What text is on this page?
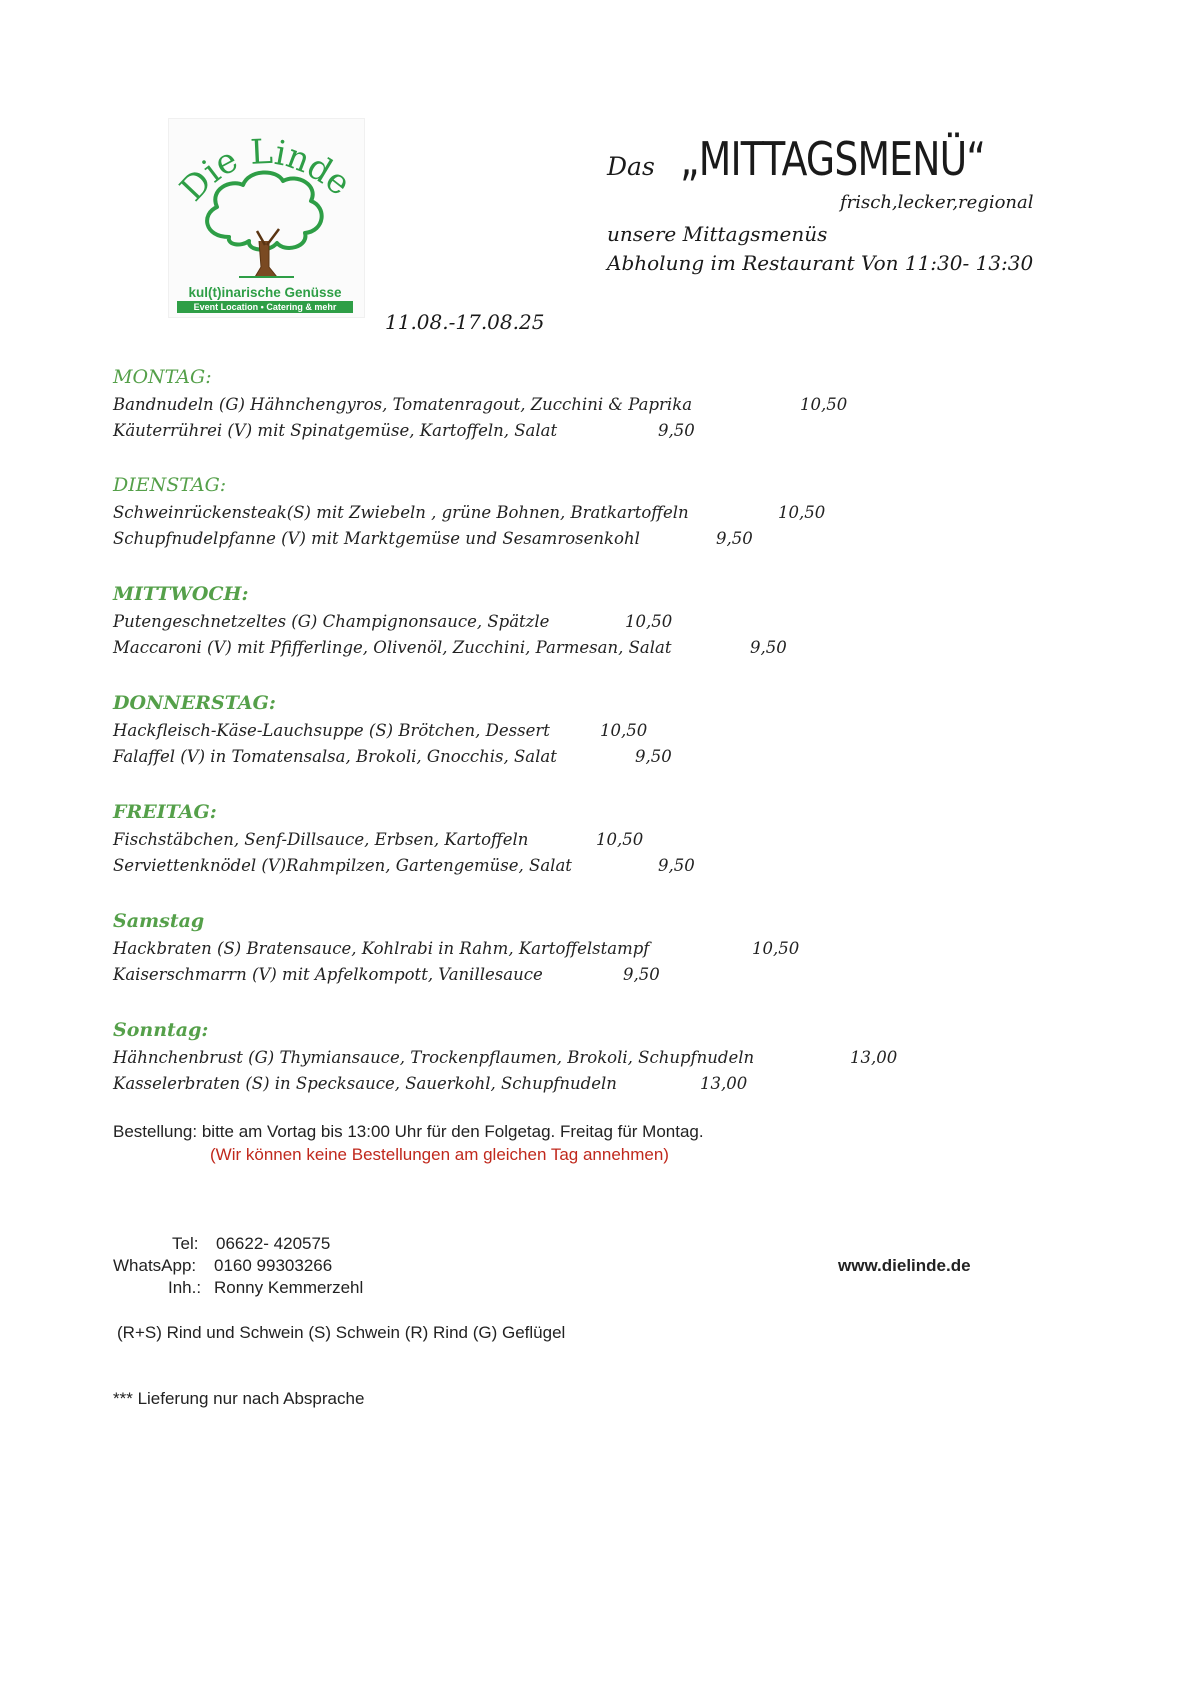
Die Linde
kul(t)inarische Genüsse
Event Location • Catering & mehr
Das „MITTAGSMENÜ“
frisch,lecker,regional
unsere Mittagsmenüs
Abholung im Restaurant Von 11:30- 13:30
11.08.-17.08.25
MONTAG:
Bandnudeln (G) Hähnchengyros, Tomatenragout, Zucchini & Paprika	10,50
Käuterrührei (V) mit Spinatgemüse, Kartoffeln, Salat	9,50
DIENSTAG:
Schweinrückensteak(S) mit Zwiebeln , grüne Bohnen, Bratkartoffeln	10,50
Schupfnudelpfanne (V) mit Marktgemüse und Sesamrosenkohl	9,50
MITTWOCH:
Putengeschnetzeltes (G) Champignonsauce, Spätzle	10,50
Maccaroni (V) mit Pfifferlinge, Olivenöl, Zucchini, Parmesan, Salat	9,50
DONNERSTAG:
Hackfleisch-Käse-Lauchsuppe (S) Brötchen, Dessert	10,50
Falaffel (V) in Tomatensalsa, Brokoli, Gnocchis, Salat	9,50
FREITAG:
Fischstäbchen, Senf-Dillsauce, Erbsen, Kartoffeln	10,50
Serviettenknödel (V)Rahmpilzen, Gartengemüse, Salat	9,50
Samstag
Hackbraten (S) Bratensauce, Kohlrabi in Rahm, Kartoffelstampf	10,50
Kaiserschmarrn (V) mit Apfelkompott, Vanillesauce	9,50
Sonntag:
Hähnchenbrust (G) Thymiansauce, Trockenpflaumen, Brokoli, Schupfnudeln	13,00
Kasselerbraten (S) in Specksauce, Sauerkohl, Schupfnudeln	13,00
Bestellung: bitte am Vortag bis 13:00 Uhr für den Folgetag. Freitag für Montag.
(Wir können keine Bestellungen am gleichen Tag annehmen)
Tel: 06622- 420575
WhatsApp: 0160 99303266
Inh.: Ronny Kemmerzehl
www.dielinde.de
(R+S) Rind und Schwein (S) Schwein (R) Rind (G) Geflügel
*** Lieferung nur nach Absprache
